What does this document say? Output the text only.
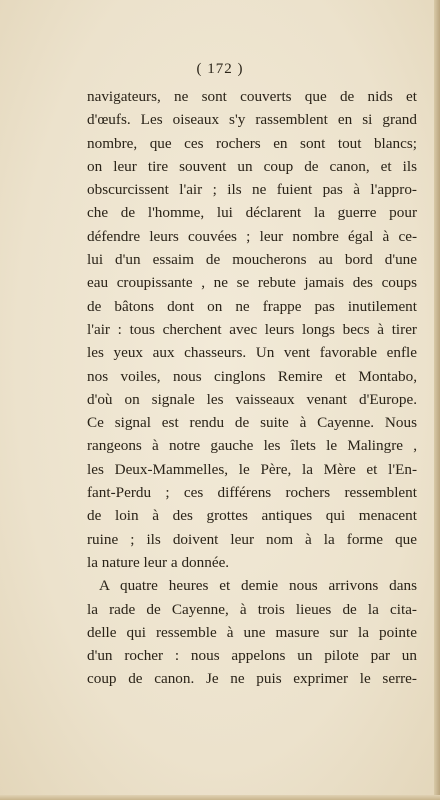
( 172 )
navigateurs, ne sont couverts que de nids et
d'œufs. Les oiseaux s'y rassemblent en si grand
nombre, que ces rochers en sont tout blancs;
on leur tire souvent un coup de canon, et ils
obscurcissent l'air ; ils ne fuient pas à l'appro-
che de l'homme, lui déclarent la guerre pour
défendre leurs couvées ; leur nombre égal à ce-
lui d'un essaim de moucherons au bord d'une
eau croupissante , ne se rebute jamais des coups
de bâtons dont on ne frappe pas inutilement
l'air : tous cherchent avec leurs longs becs à tirer
les yeux aux chasseurs. Un vent favorable enfle
nos voiles, nous cinglons Remire et Montabo,
d'où on signale les vaisseaux venant d'Europe.
Ce signal est rendu de suite à Cayenne. Nous
rangeons à notre gauche les îlets le Malingre ,
les Deux-Mammelles, le Père, la Mère et l'En-
fant-Perdu ; ces différens rochers ressemblent
de loin à des grottes antiques qui menacent
ruine ; ils doivent leur nom à la forme que
la nature leur a donnée.
A quatre heures et demie nous arrivons dans
la rade de Cayenne, à trois lieues de la cita-
delle qui ressemble à une masure sur la pointe
d'un rocher : nous appelons un pilote par un
coup de canon. Je ne puis exprimer le serre-
